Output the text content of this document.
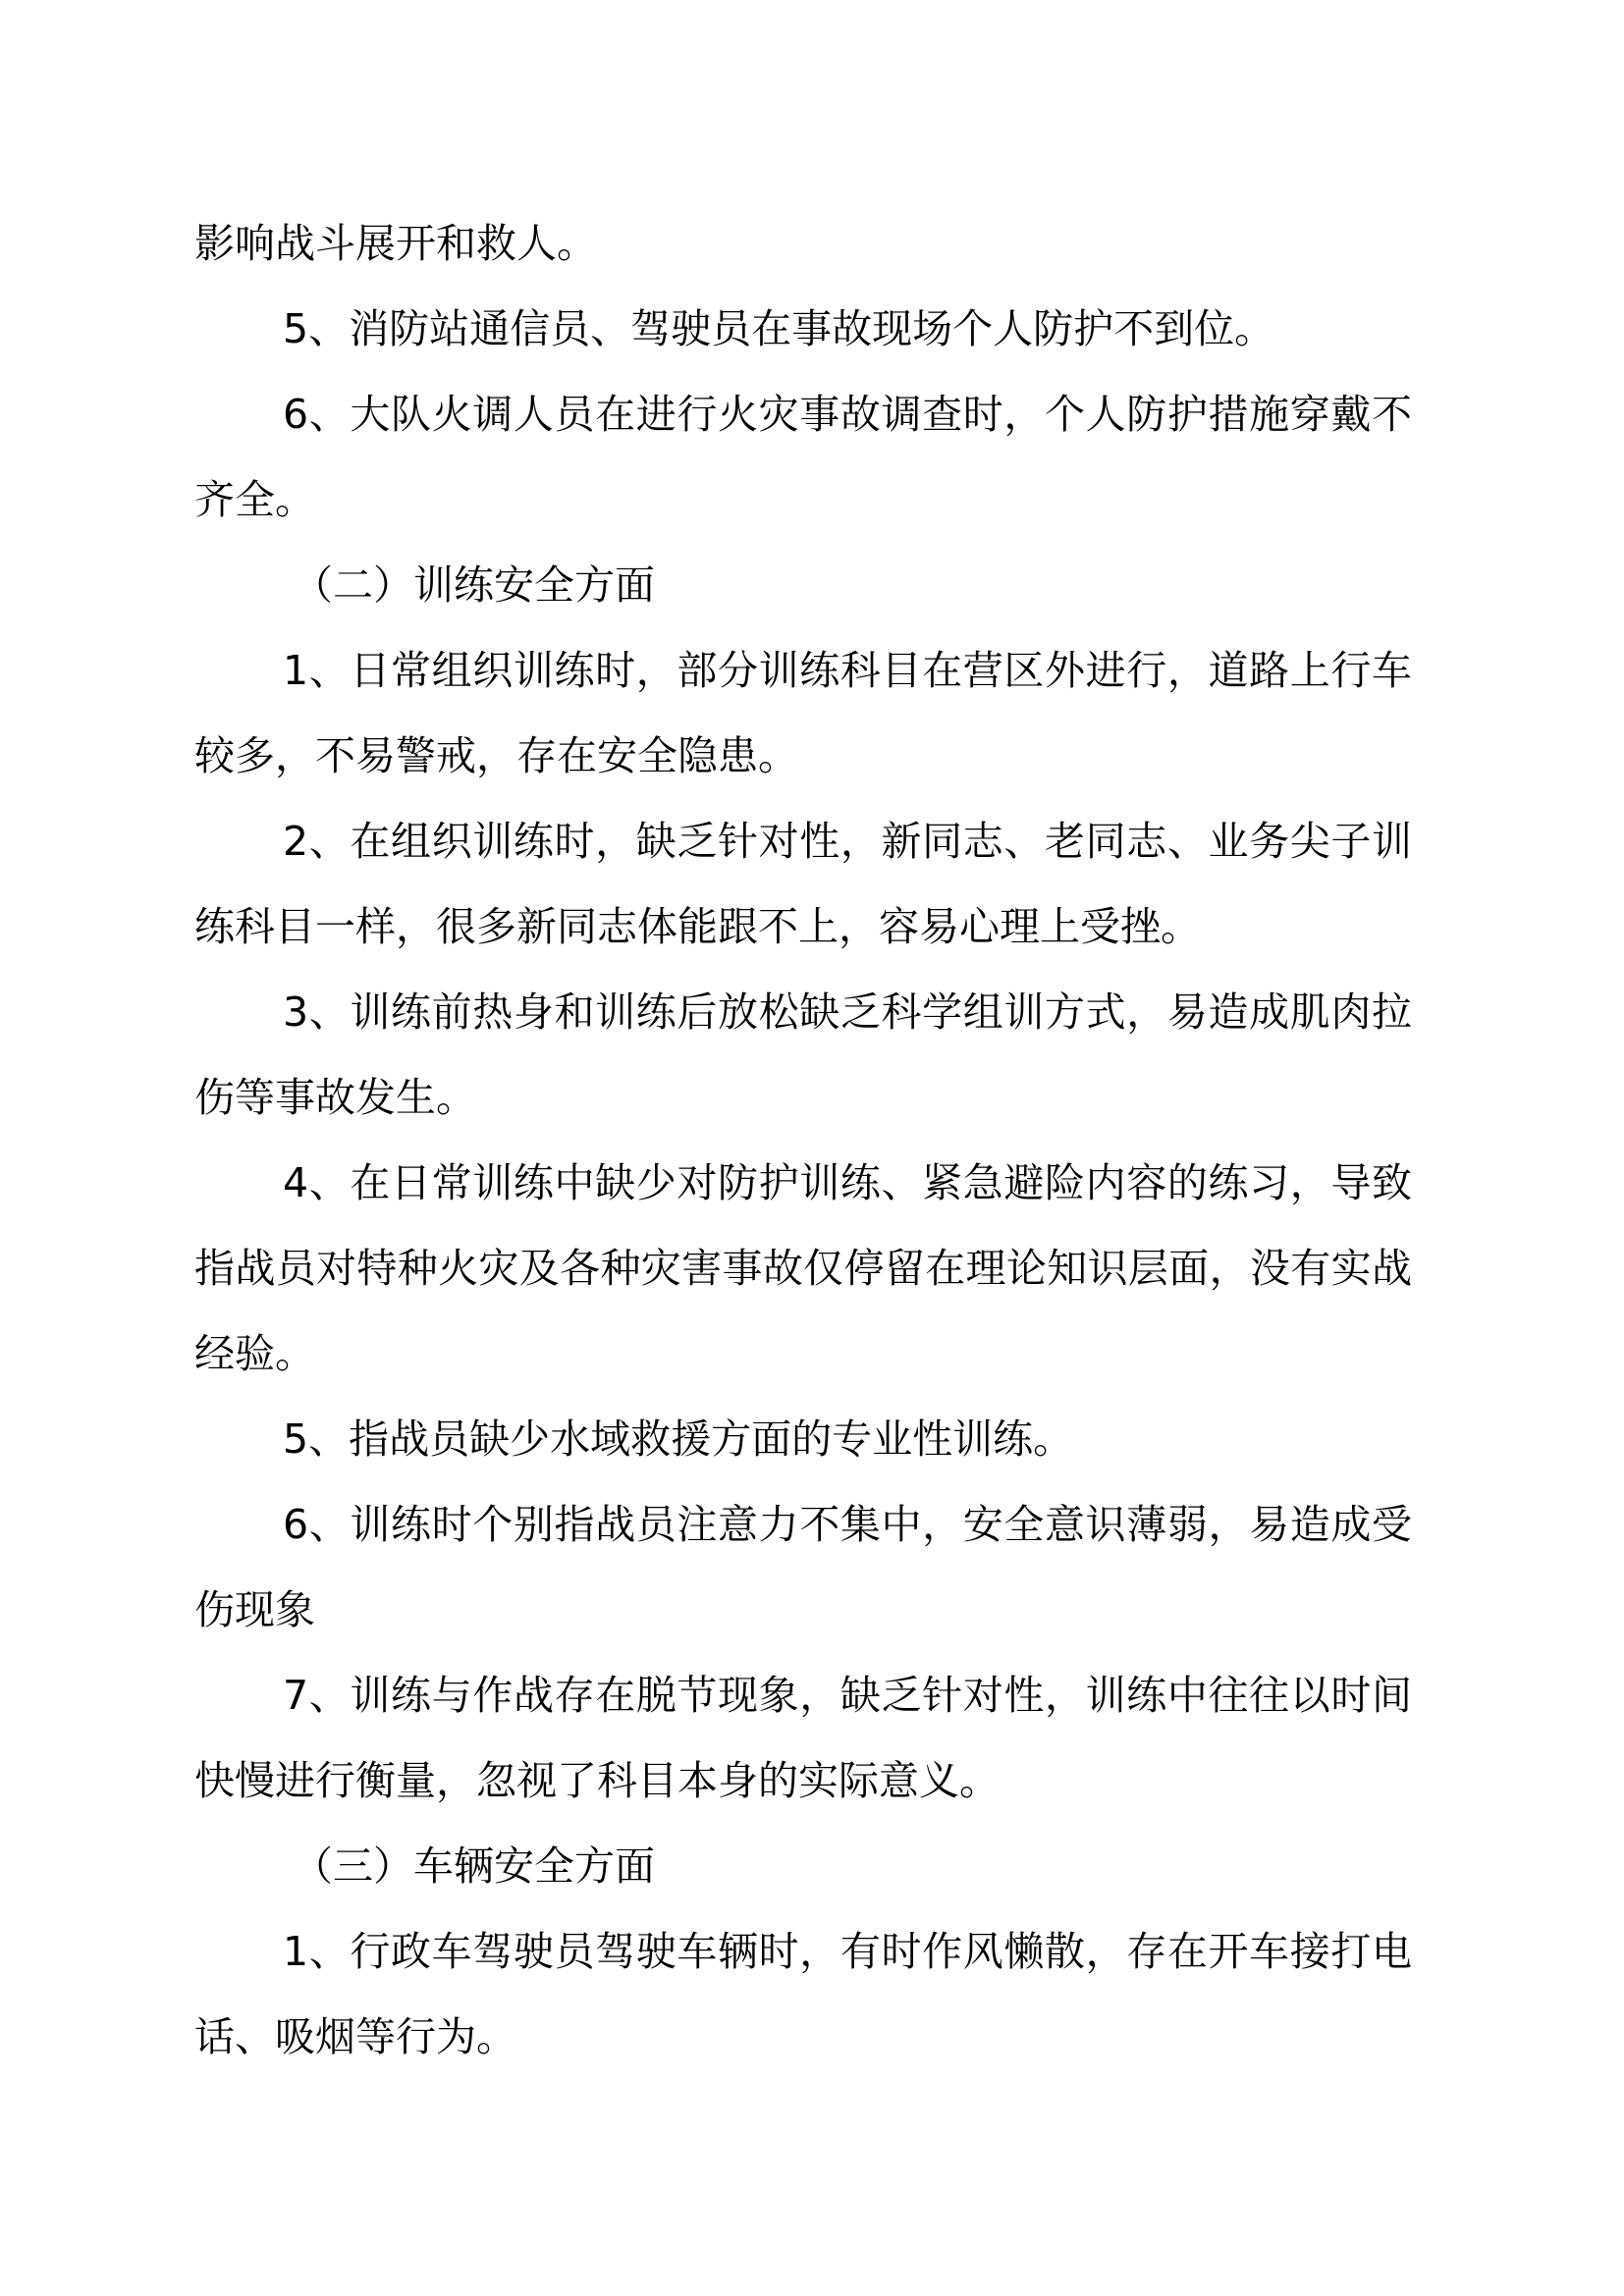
影响战斗展开和救人。

5、消防站通信员、驾驶员在事故现场个人防护不到位。

6、大队火调人员在进行火灾事故调查时，个人防护措施穿戴不齐全。

（二）训练安全方面

1、日常组织训练时，部分训练科目在营区外进行，道路上行车较多，不易警戒，存在安全隐患。

2、在组织训练时，缺乏针对性，新同志、老同志、业务尖子训练科目一样，很多新同志体能跟不上，容易心理上受挫。

3、训练前热身和训练后放松缺乏科学组训方式，易造成肌肉拉伤等事故发生。

4、在日常训练中缺少对防护训练、紧急避险内容的练习，导致指战员对特种火灾及各种灾害事故仅停留在理论知识层面，没有实战经验。

5、指战员缺少水域救援方面的专业性训练。

6、训练时个别指战员注意力不集中，安全意识薄弱，易造成受伤现象

7、训练与作战存在脱节现象，缺乏针对性，训练中往往以时间快慢进行衡量，忽视了科目本身的实际意义。

（三）车辆安全方面

1、行政车驾驶员驾驶车辆时，有时作风懒散，存在开车接打电话、吸烟等行为。
